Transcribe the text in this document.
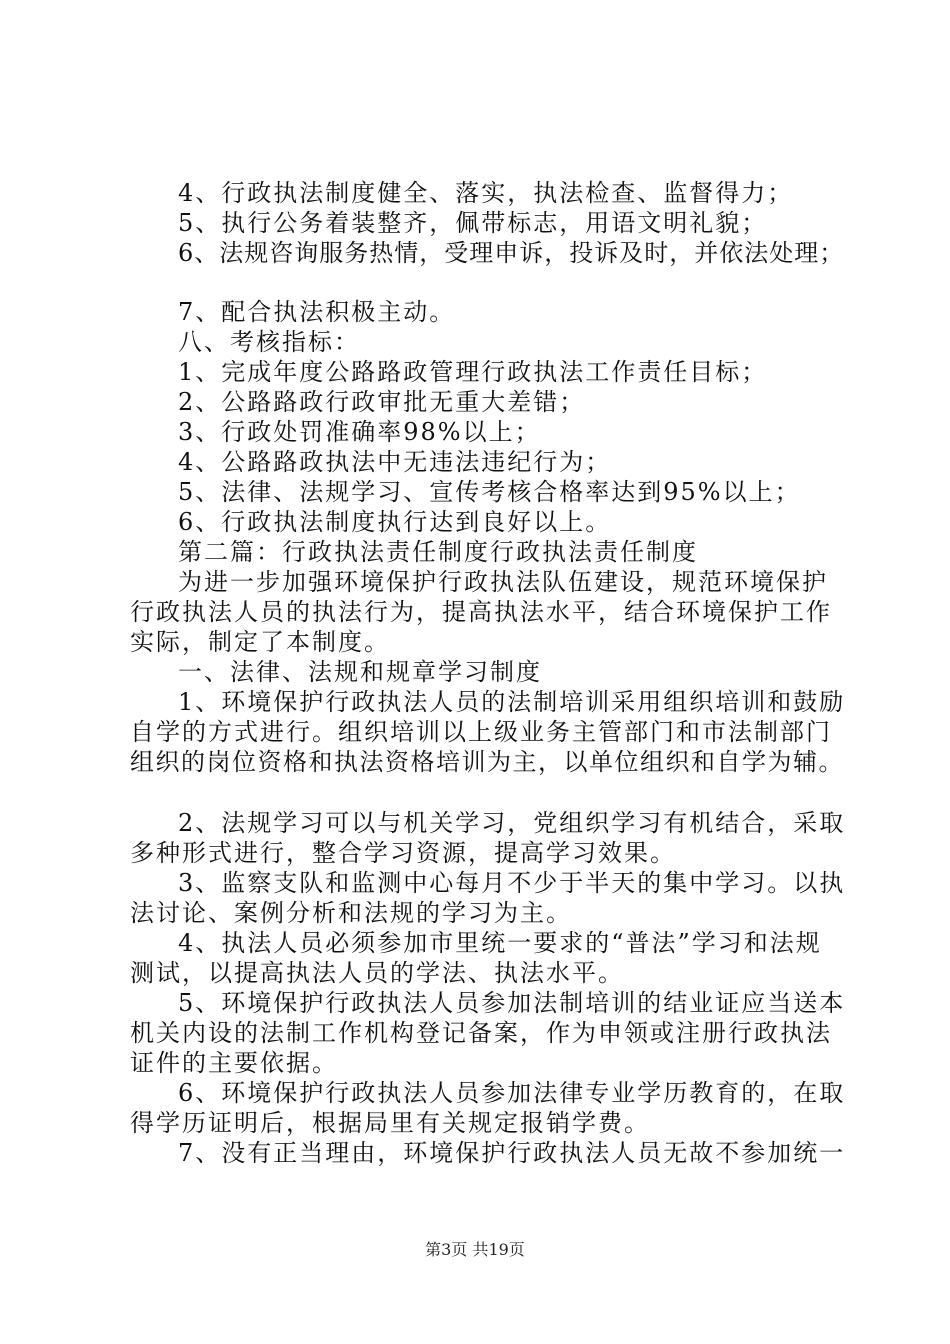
4、行政执法制度健全、落实，执法检查、监督得力；
5、执行公务着装整齐，佩带标志，用语文明礼貌；
6、法规咨询服务热情，受理申诉，投诉及时，并依法处理；
7、配合执法积极主动。
八、考核指标：
1、完成年度公路路政管理行政执法工作责任目标；
2、公路路政行政审批无重大差错；
3、行政处罚准确率98%以上；
4、公路路政执法中无违法违纪行为；
5、法律、法规学习、宣传考核合格率达到95%以上；
6、行政执法制度执行达到良好以上。
第二篇：行政执法责任制度行政执法责任制度
为进一步加强环境保护行政执法队伍建设，规范环境保护
行政执法人员的执法行为，提高执法水平，结合环境保护工作
实际，制定了本制度。
一、法律、法规和规章学习制度
1、环境保护行政执法人员的法制培训采用组织培训和鼓励
自学的方式进行。组织培训以上级业务主管部门和市法制部门
组织的岗位资格和执法资格培训为主，以单位组织和自学为辅。
2、法规学习可以与机关学习，党组织学习有机结合，采取
多种形式进行，整合学习资源，提高学习效果。
3、监察支队和监测中心每月不少于半天的集中学习。以执
法讨论、案例分析和法规的学习为主。
4、执法人员必须参加市里统一要求的“普法”学习和法规
测试，以提高执法人员的学法、执法水平。
5、环境保护行政执法人员参加法制培训的结业证应当送本
机关内设的法制工作机构登记备案，作为申领或注册行政执法
证件的主要依据。
6、环境保护行政执法人员参加法律专业学历教育的，在取
得学历证明后，根据局里有关规定报销学费。
7、没有正当理由，环境保护行政执法人员无故不参加统一
第3页 共19页
